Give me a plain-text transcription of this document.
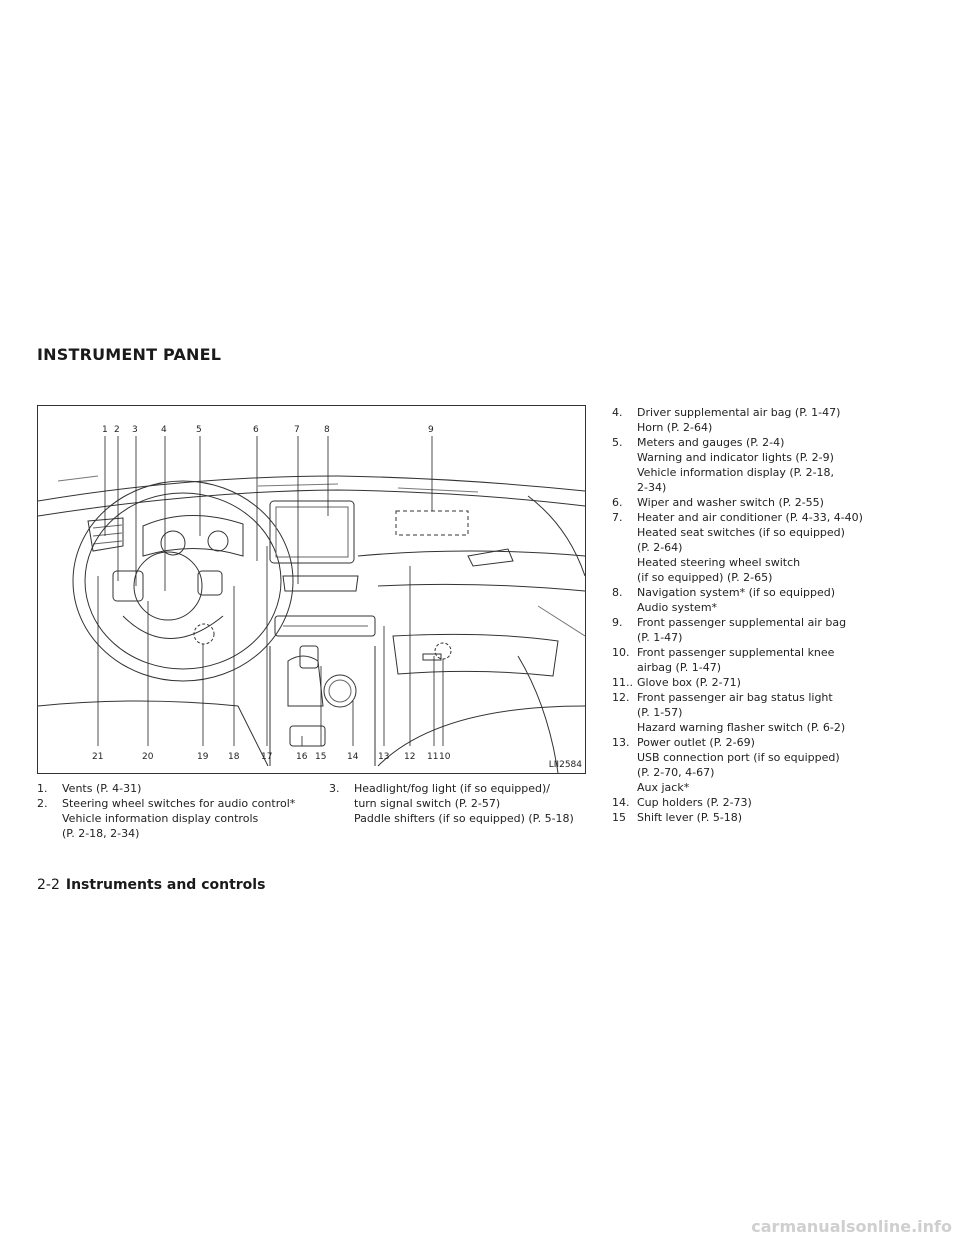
INSTRUMENT PANEL
1 2 3	4	5	6	7	8	9
21	20	19 18 17	16 15 14 13 12 11 10
LII2584
1.	Vents (P. 4-31)
2.	Steering wheel switches for audio control*
Vehicle information display controls
(P. 2-18, 2-34)
3.	Headlight/fog light (if so equipped)/
turn signal switch (P. 2-57)
Paddle shifters (if so equipped) (P. 5-18)
4.	Driver supplemental air bag (P. 1-47)
Horn (P. 2-64)
5.	Meters and gauges (P. 2-4)
Warning and indicator lights (P. 2-9)
Vehicle information display (P. 2-18,
2-34)
6.	Wiper and washer switch (P. 2-55)
7.	Heater and air conditioner (P. 4-33, 4-40)
Heated seat switches (if so equipped)
(P. 2-64)
Heated steering wheel switch
(if so equipped) (P. 2-65)
8.	Navigation system* (if so equipped)
Audio system*
9.	Front passenger supplemental air bag
(P. 1-47)
10. Front passenger supplemental knee
airbag (P. 1-47)
11.. Glove box (P. 2-71)
12. Front passenger air bag status light
(P. 1-57)
Hazard warning flasher switch (P. 6-2)
13. Power outlet (P. 2-69)
USB connection port (if so equipped)
(P. 2-70, 4-67)
Aux jack*
14. Cup holders (P. 2-73)
15	Shift lever (P. 5-18)
2-2 Instruments and controls
carmanualsonline.info
